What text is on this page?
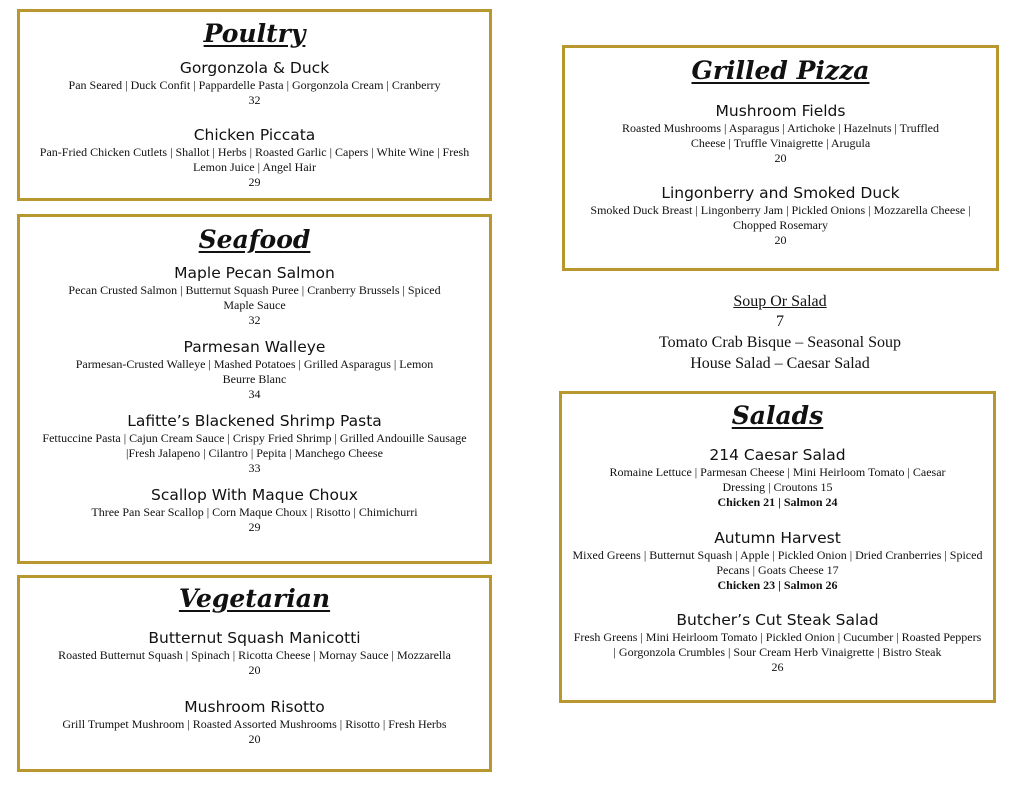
Poultry
Gorgonzola & Duck
Pan Seared | Duck Confit | Pappardelle Pasta | Gorgonzola Cream | Cranberry
32
Chicken Piccata
Pan-Fried Chicken Cutlets | Shallot | Herbs | Roasted Garlic | Capers | White Wine | Fresh Lemon Juice | Angel Hair
29
Seafood
Maple Pecan Salmon
Pecan Crusted Salmon | Butternut Squash Puree | Cranberry Brussels | Spiced Maple Sauce
32
Parmesan Walleye
Parmesan-Crusted Walleye | Mashed Potatoes | Grilled Asparagus | Lemon Beurre Blanc
34
Lafitte’s Blackened Shrimp Pasta
Fettuccine Pasta | Cajun Cream Sauce | Crispy Fried Shrimp | Grilled Andouille Sausage |Fresh Jalapeno | Cilantro | Pepita | Manchego Cheese
33
Scallop With Maque Choux
Three Pan Sear Scallop | Corn Maque Choux | Risotto | Chimichurri
29
Vegetarian
Butternut Squash Manicotti
Roasted Butternut Squash | Spinach | Ricotta Cheese | Mornay Sauce | Mozzarella
20
Mushroom Risotto
Grill Trumpet Mushroom | Roasted Assorted Mushrooms | Risotto | Fresh Herbs
20
Grilled Pizza
Mushroom Fields
Roasted Mushrooms | Asparagus | Artichoke | Hazelnuts | Truffled Cheese | Truffle Vinaigrette | Arugula
20
Lingonberry and Smoked Duck
Smoked Duck Breast | Lingonberry Jam | Pickled Onions | Mozzarella Cheese | Chopped Rosemary
20
Soup Or Salad
7
Tomato Crab Bisque – Seasonal Soup
House Salad – Caesar Salad
Salads
214 Caesar Salad
Romaine Lettuce | Parmesan Cheese | Mini Heirloom Tomato | Caesar Dressing | Croutons 15
Chicken 21 | Salmon 24
Autumn Harvest
Mixed Greens | Butternut Squash | Apple | Pickled Onion | Dried Cranberries | Spiced Pecans | Goats Cheese 17
Chicken 23 | Salmon 26
Butcher’s Cut Steak Salad
Fresh Greens | Mini Heirloom Tomato | Pickled Onion | Cucumber | Roasted Peppers | Gorgonzola Crumbles | Sour Cream Herb Vinaigrette | Bistro Steak
26
